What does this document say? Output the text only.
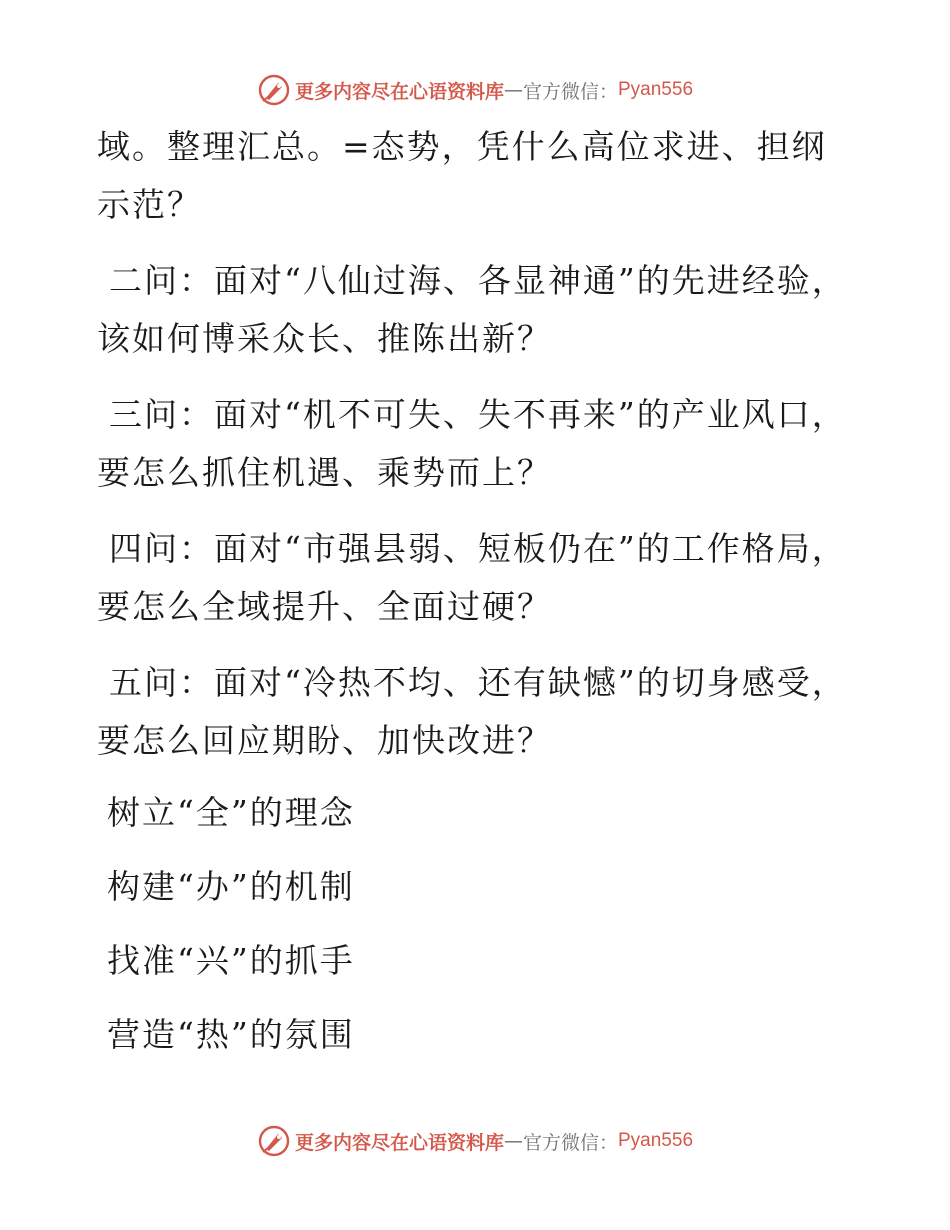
更多内容尽在心语资料库 — 官方微信： Pyan556

域。整理汇总。=态势，凭什么高位求进、担纲示范？

二问：面对“八仙过海、各显神通”的先进经验，该如何博采众长、推陈出新？

三问：面对“机不可失、失不再来”的产业风口，要怎么抓住机遇、乘势而上？

四问：面对“市强县弱、短板仍在”的工作格局，要怎么全域提升、全面过硬？

五问：面对“冷热不均、还有缺憾”的切身感受，要怎么回应期盼、加快改进？

树立“全”的理念

构建“办”的机制

找准“兴”的抓手

营造“热”的氛围

更多内容尽在心语资料库 — 官方微信： Pyan556
